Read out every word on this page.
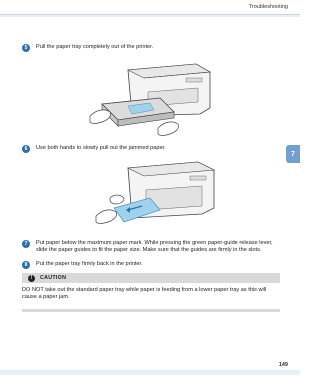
Troubleshooting
7
5	Pull the paper tray completely out of the printer.
6	Use both hands to slowly pull out the jammed paper.
7	Put paper below the maximum paper mark. While pressing the green paper-guide release lever, slide the paper guides to fit the paper size. Make sure that the guides are firmly in the slots.
8	Put the paper tray firmly back in the printer.
!	CAUTION
DO NOT take out the standard paper tray while paper is feeding from a lower paper tray as this will cause a paper jam.
149
